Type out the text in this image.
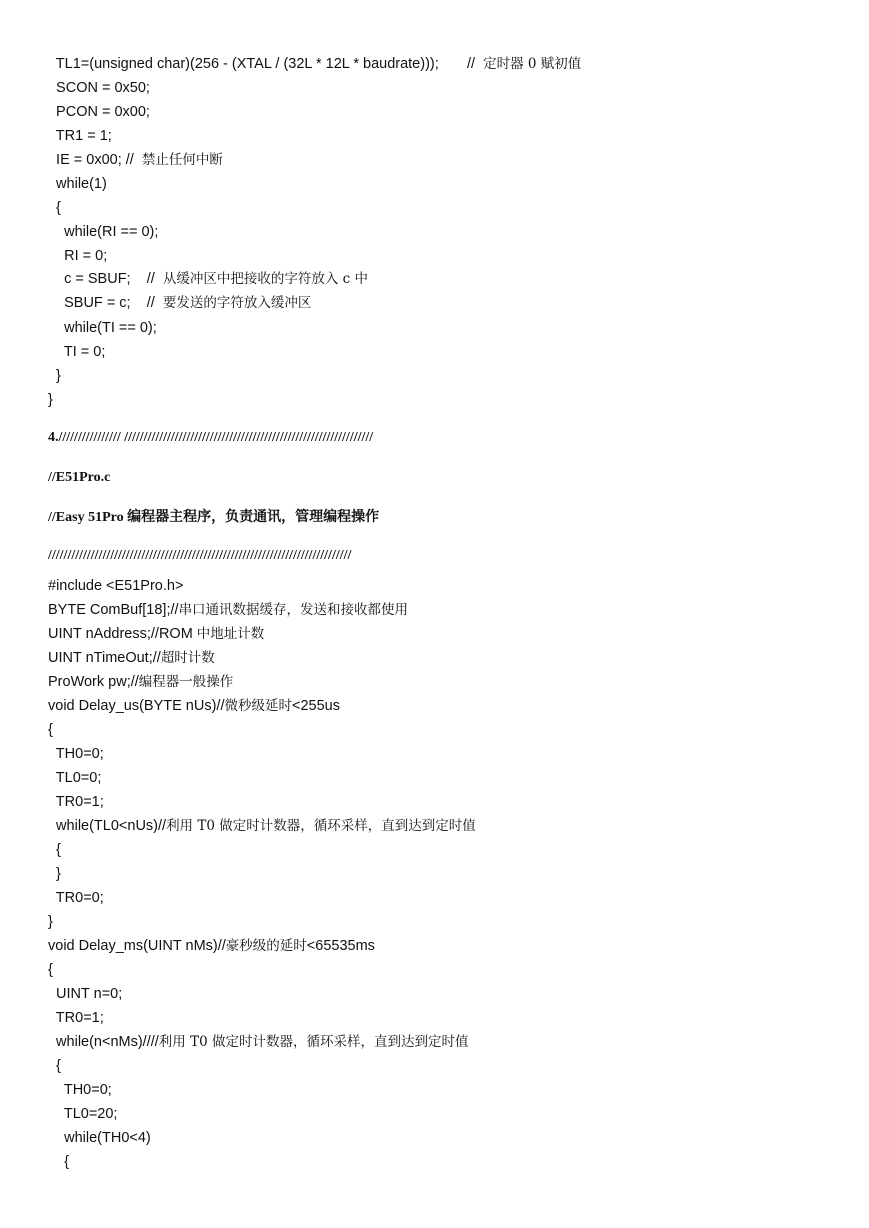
TL1=(unsigned char)(256 - (XTAL / (32L * 12L * baudrate)));       //  定时器 0 赋初值
SCON = 0x50;
PCON = 0x00;
TR1 = 1;
IE = 0x00; //  禁止任何中断
while(1)
{
while(RI == 0);
RI = 0;
c = SBUF;    //  从缓冲区中把接收的字符放入 c 中
SBUF = c;    //  要发送的字符放入缓冲区
while(TI == 0);
TI = 0;
}
}
4.//////////////// ////////////////////////////////////////////////////////////////
//E51Pro.c
//Easy 51Pro 编程器主程序，负责通讯，管理编程操作
//////////////////////////////////////////////////////////////////////////////
#include <E51Pro.h>
BYTE ComBuf[18];//串口通讯数据缓存，发送和接收都使用
UINT nAddress;//ROM 中地址计数
UINT nTimeOut;//超时计数
ProWork pw;//编程器一般操作
void Delay_us(BYTE nUs)//微秒级延时<255us
{
TH0=0;
TL0=0;
TR0=1;
while(TL0<nUs)//利用 T0 做定时计数器，循环采样，直到达到定时值
{
}
TR0=0;
}
void Delay_ms(UINT nMs)//豪秒级的延时<65535ms
{
UINT n=0;
TR0=1;
while(n<nMs)////利用 T0 做定时计数器，循环采样，直到达到定时值
{
TH0=0;
TL0=20;
while(TH0<4)
{
